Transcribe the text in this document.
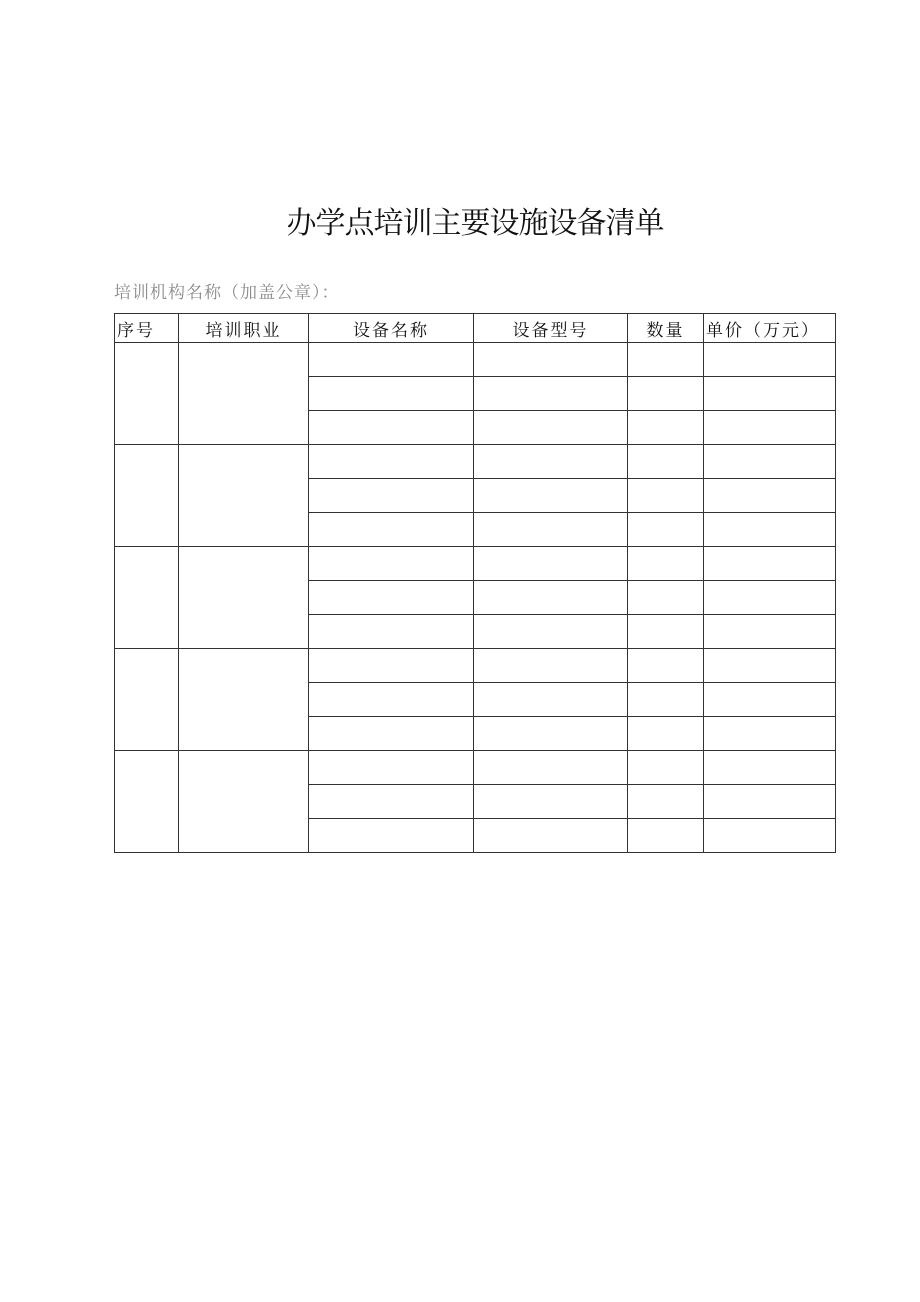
办学点培训主要设施设备清单
培训机构名称（加盖公章）：
序号	培训职业	设备名称	设备型号	数量	单价（万元）
